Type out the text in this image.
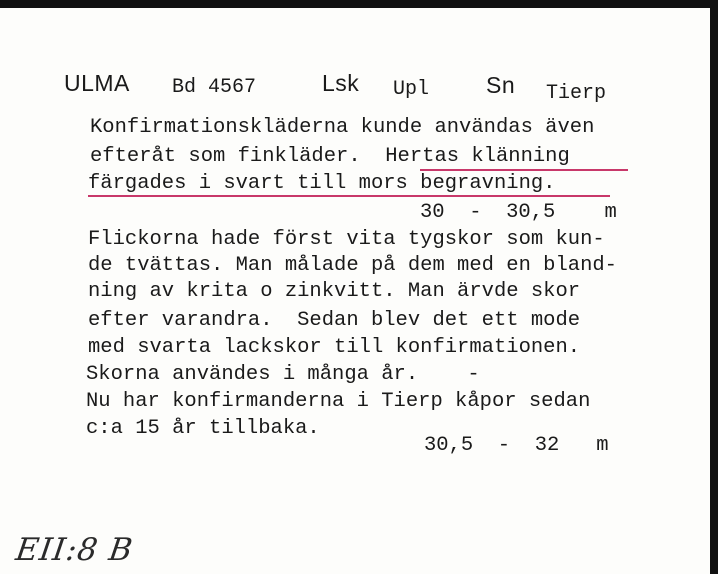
ULMA Bd 4567	Lsk Upl Sn Tierp
Konfirmationskläderna kunde användas även
efteråt som finkläder.  Hertas klänning
färgades i svart till mors begravning.
30  -  30,5    m
Flickorna hade först vita tygskor som kun-
de tvättas. Man målade på dem med en bland-
ning av krita o zinkvitt. Man ärvde skor
efter varandra.  Sedan blev det ett mode
med svarta lackskor till konfirmationen.
Skorna användes i många år.    -
Nu har konfirmanderna i Tierp kåpor sedan
c:a 15 år tillbaka.
30,5  -  32   m
EII:8 B
